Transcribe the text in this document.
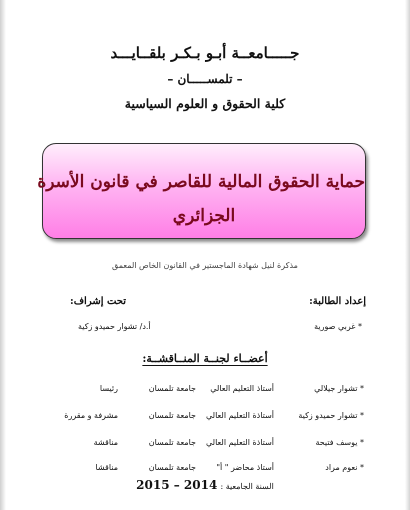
جـــــامعــة أبـو بـكـر بلقــايـــد
– تلمســـــان –
كلية الحقوق و العلوم السياسية
حماية الحقوق المالية للقاصر في قانون الأسرة
الجزائري
مذكرة لنيل شهادة الماجستير في القانون الخاص المعمق
إعداد الطالبة:
تحت إشراف:
* غربي صورية
أ.د/ تشوار حميدو زكية
أعضــاء لجنــة المنــاقشــة:
* تشوار جيلالي
أستاذ التعليم العالي
جامعة تلمسان
رئيسا
* تشوار حميدو زكية
أستاذة التعليم العالي
جامعة تلمسان
مشرفة و مقررة
* يوسف فتيحة
أستاذة التعليم العالي
جامعة تلمسان
مناقشة
* نعوم مراد
أستاذ محاضر " أ"
جامعة تلمسان
مناقشا
السنة الجامعية : 2014 – 2015
